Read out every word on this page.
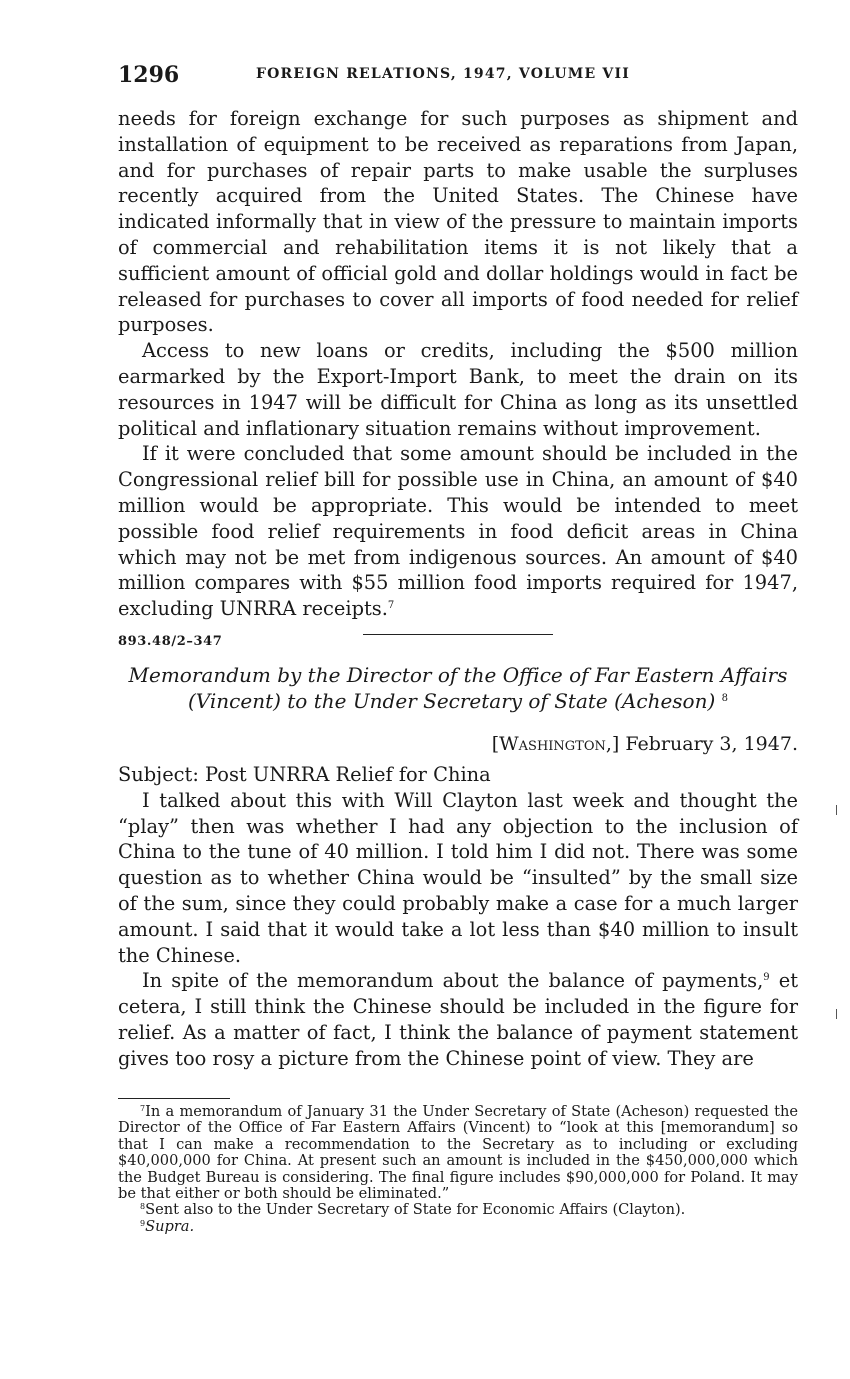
1296	FOREIGN RELATIONS, 1947, VOLUME VII

needs for foreign exchange for such purposes as shipment and installation of equipment to be received as reparations from Japan, and for purchases of repair parts to make usable the surpluses recently acquired from the United States. The Chinese have indicated informally that in view of the pressure to maintain imports of commercial and rehabilitation items it is not likely that a sufficient amount of official gold and dollar holdings would in fact be released for purchases to cover all imports of food needed for relief purposes.

Access to new loans or credits, including the $500 million earmarked by the Export-Import Bank, to meet the drain on its resources in 1947 will be difficult for China as long as its unsettled political and inflationary situation remains without improvement.

If it were concluded that some amount should be included in the Congressional relief bill for possible use in China, an amount of $40 million would be appropriate. This would be intended to meet possible food relief requirements in food deficit areas in China which may not be met from indigenous sources. An amount of $40 million compares with $55 million food imports required for 1947, excluding UNRRA receipts.$^7$

893.48/2–347
Memorandum by the Director of the Office of Far Eastern Affairs
(Vincent) to the Under Secretary of State (Acheson) $^8$
[Washington,] February 3, 1947.

Subject: Post UNRRA Relief for China

I talked about this with Will Clayton last week and thought the “play” then was whether I had any objection to the inclusion of China to the tune of 40 million. I told him I did not. There was some question as to whether China would be “insulted” by the small size of the sum, since they could probably make a case for a much larger amount. I said that it would take a lot less than $40 million to insult the Chinese.

In spite of the memorandum about the balance of payments,$^9$ et cetera, I still think the Chinese should be included in the figure for relief. As a matter of fact, I think the balance of payment statement gives too rosy a picture from the Chinese point of view. They are

$^7$In a memorandum of January 31 the Under Secretary of State (Acheson) requested the Director of the Office of Far Eastern Affairs (Vincent) to “look at this [memorandum] so that I can make a recommendation to the Secretary as to including or excluding $40,000,000 for China. At present such an amount is included in the $450,000,000 which the Budget Bureau is considering. The final figure includes $90,000,000 for Poland. It may be that either or both should be eliminated.”

$^8$Sent also to the Under Secretary of State for Economic Affairs (Clayton).

$^9$Supra.
